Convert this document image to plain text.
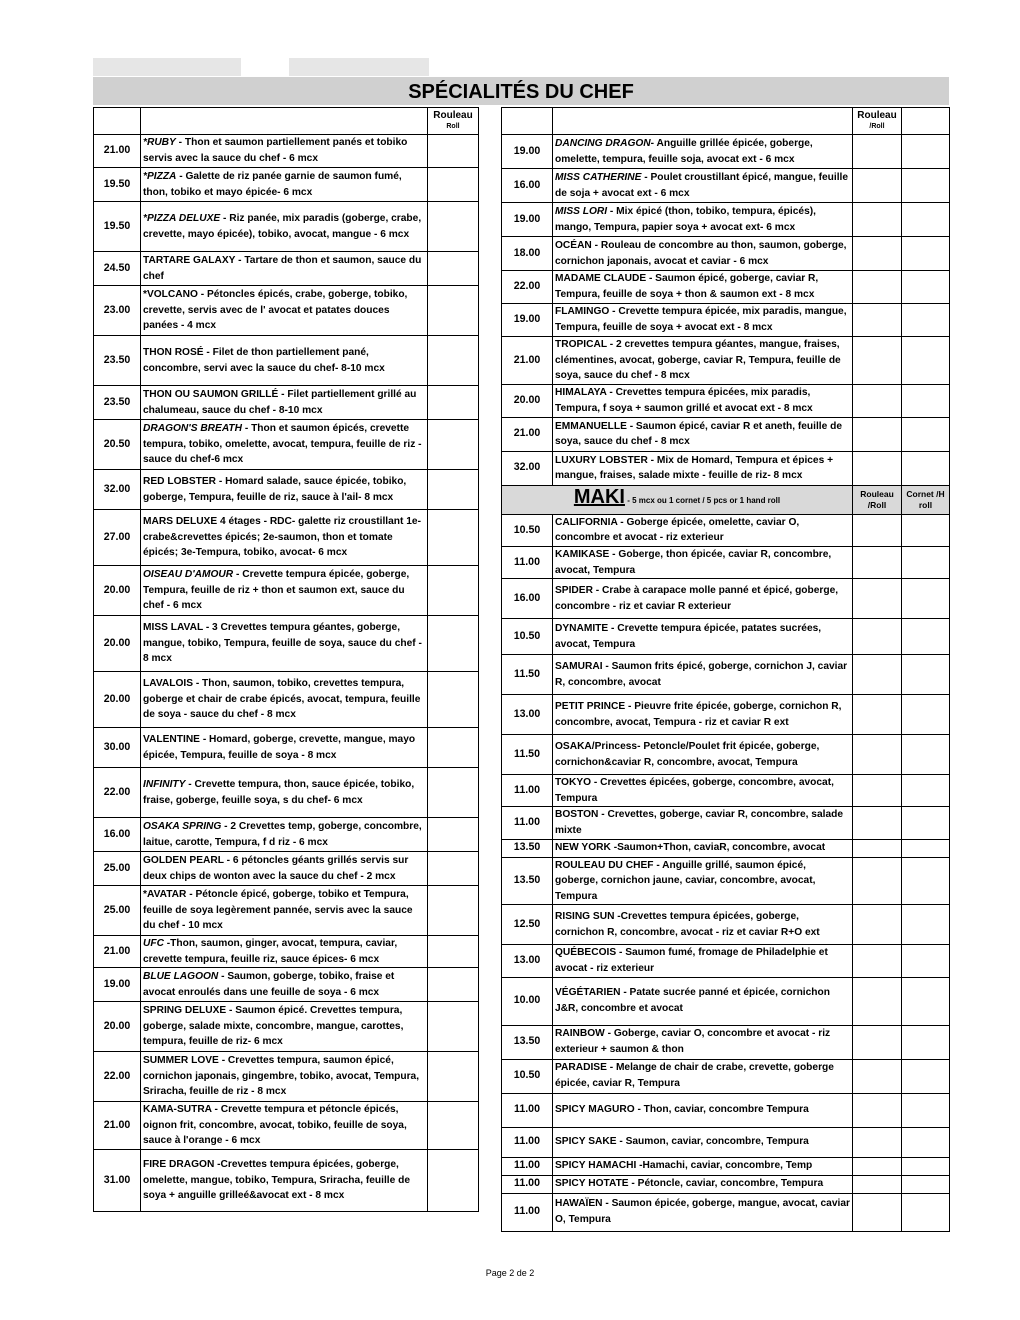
SPÉCIALITÉS DU CHEF
		Rouleau
Roll

21.00	*RUBY - Thon et saumon partiellement panés et tobiko servis avec la sauce du chef - 6 mcx	
19.50	*PIZZA - Galette de riz panée garnie de saumon fumé, thon, tobiko et mayo épicée- 6 mcx	
19.50	*PIZZA DELUXE - Riz panée, mix paradis (goberge, crabe, crevette, mayo épicée), tobiko, avocat, mangue - 6 mcx	
24.50	TARTARE GALAXY - Tartare de thon et saumon, sauce du chef	
23.00	*VOLCANO - Pétoncles épicés, crabe, goberge, tobiko, crevette, servis avec de l' avocat et patates douces panées - 4 mcx	
23.50	THON ROSÉ - Filet de thon partiellement pané, concombre, servi avec la sauce du chef- 8-10 mcx	
23.50	THON OU SAUMON GRILLÉ - Filet partiellement grillé au chalumeau, sauce du chef - 8-10 mcx	
20.50	DRAGON'S BREATH - Thon et saumon épicés, crevette tempura, tobiko, omelette, avocat, tempura, feuille de riz -sauce du chef-6 mcx	
32.00	RED LOBSTER - Homard salade, sauce épicée, tobiko, goberge, Tempura, feuille de riz, sauce à l'ail- 8 mcx	
27.00	MARS DELUXE 4 étages - RDC- galette riz croustillant 1e-crabe&crevettes épicés; 2e-saumon, thon et tomate épicés; 3e-Tempura, tobiko, avocat- 6 mcx	
20.00	OISEAU D'AMOUR - Crevette tempura épicée, goberge, Tempura, feuille de riz + thon et saumon ext, sauce du chef - 6 mcx	
20.00	MISS LAVAL - 3 Crevettes tempura géantes, goberge, mangue, tobiko, Tempura, feuille de soya, sauce du chef - 8 mcx	
20.00	LAVALOIS - Thon, saumon, tobiko, crevettes tempura, goberge et chair de crabe épicés, avocat, tempura, feuille de soya - sauce du chef - 8 mcx	
30.00	VALENTINE - Homard, goberge, crevette, mangue, mayo épicée, Tempura, feuille de soya - 8 mcx	
22.00	INFINITY - Crevette tempura, thon, sauce épicée, tobiko, fraise, goberge, feuille soya, s du chef- 6 mcx	
16.00	OSAKA SPRING - 2 Crevettes temp, goberge, concombre, laitue, carotte, Tempura, f d riz - 6 mcx	
25.00	GOLDEN PEARL - 6 pétoncles géants grillés servis sur deux chips de wonton avec la sauce du chef - 2 mcx	
25.00	*AVATAR - Pétoncle épicé, goberge, tobiko et Tempura, feuille de soya legèrement pannée, servis avec la sauce du chef - 10 mcx	
21.00	UFC -Thon, saumon, ginger, avocat, tempura, caviar, crevette tempura, feuille riz, sauce épices- 6 mcx	
19.00	BLUE LAGOON - Saumon, goberge, tobiko, fraise et avocat enroulés dans une feuille de soya - 6 mcx	
20.00	SPRING DELUXE - Saumon épicé. Crevettes tempura, goberge, salade mixte, concombre, mangue, carottes, tempura, feuille de riz- 6 mcx	
22.00	SUMMER LOVE - Crevettes tempura, saumon épicé, cornichon japonais, gingembre, tobiko, avocat, Tempura, Sriracha, feuille de riz - 8 mcx	
21.00	KAMA-SUTRA - Crevette tempura et pétoncle épicés, oignon frit, concombre, avocat, tobiko, feuille de soya, sauce à l'orange - 6 mcx	
31.00	FIRE DRAGON -Crevettes tempura épicées, goberge, omelette, mangue, tobiko, Tempura, Sriracha, feuille de soya + anguille grilleé&avocat ext - 8 mcx	
		Rouleau
/Roll	

19.00	DANCING DRAGON- Anguille grillée épicée, goberge, omelette, tempura, feuille soja, avocat ext - 6 mcx		
16.00	MISS CATHERINE - Poulet croustillant épicé, mangue, feuille de soja + avocat ext - 6 mcx		
19.00	MISS LORI - Mix épicé (thon, tobiko, tempura, épicés), mango, Tempura, papier soya + avocat ext- 6 mcx		
18.00	OCÉAN - Rouleau de concombre au thon, saumon, goberge, cornichon japonais, avocat et caviar - 6 mcx		
22.00	MADAME CLAUDE - Saumon épicé, goberge, caviar R, Tempura, feuille de soya + thon & saumon ext - 8 mcx		
19.00	FLAMINGO - Crevette tempura épicée, mix paradis, mangue, Tempura, feuille de soya + avocat ext - 8 mcx		
21.00	TROPICAL - 2 crevettes tempura géantes, mangue, fraises, clémentines, avocat, goberge, caviar R, Tempura, feuille de soya, sauce du chef - 8 mcx		
20.00	HIMALAYA - Crevettes tempura épicées, mix paradis, Tempura, f soya + saumon grillé et avocat ext - 8 mcx		
21.00	EMMANUELLE - Saumon épicé, caviar R et aneth, feuille de soya, sauce du chef - 8 mcx		
32.00	LUXURY LOBSTER - Mix de Homard, Tempura et épices + mangue, fraises, salade mixte - feuille de riz- 8 mcx		
MAKI - 5 mcx ou 1 cornet / 5 pcs or 1 hand roll		Rouleau
/Roll	Cornet /H
roll
10.50	CALIFORNIA - Goberge épicée, omelette, caviar O, concombre et avocat - riz exterieur		
11.00	KAMIKASE - Goberge, thon épicée, caviar R, concombre, avocat, Tempura		
16.00	SPIDER - Crabe à carapace molle panné et épicé, goberge, concombre - riz et caviar R exterieur		
10.50	DYNAMITE - Crevette tempura épicée, patates sucrées, avocat, Tempura		
11.50	SAMURAI - Saumon frits épicé, goberge, cornichon J, caviar R, concombre, avocat		
13.00	PETIT PRINCE - Pieuvre frite épicée, goberge, cornichon R, concombre, avocat, Tempura - riz et caviar R ext		
11.50	OSAKA/Princess- Petoncle/Poulet frit épicée, goberge, cornichon&caviar R, concombre, avocat, Tempura		
11.00	TOKYO - Crevettes épicées, goberge, concombre, avocat, Tempura		
11.00	BOSTON - Crevettes, goberge, caviar R, concombre, salade mixte		
13.50	NEW YORK -Saumon+Thon, caviaR, concombre, avocat		
13.50	ROULEAU DU CHEF - Anguille grillé, saumon épicé, goberge, cornichon jaune, caviar, concombre, avocat, Tempura		
12.50	RISING SUN -Crevettes tempura épicées, goberge, cornichon R, concombre, avocat - riz et caviar R+O ext		
13.00	QUÉBECOIS - Saumon fumé, fromage de Philadelphie et avocat - riz exterieur		
10.00	VÉGÉTARIEN - Patate sucrée panné et épicée, cornichon J&R, concombre et avocat		
13.50	RAINBOW - Goberge, caviar O, concombre et avocat - riz exterieur + saumon & thon		
10.50	PARADISE - Melange de chair de crabe, crevette, goberge épicée, caviar R, Tempura		
11.00	SPICY MAGURO - Thon, caviar, concombre Tempura		
11.00	SPICY SAKE - Saumon, caviar, concombre, Tempura		
11.00	SPICY HAMACHI -Hamachi, caviar, concombre, Temp		
11.00	SPICY HOTATE - Pétoncle, caviar, concombre, Tempura		
11.00	HAWAÏEN - Saumon épicée, goberge, mangue, avocat, caviar O, Tempura		
Page 2 de 2
